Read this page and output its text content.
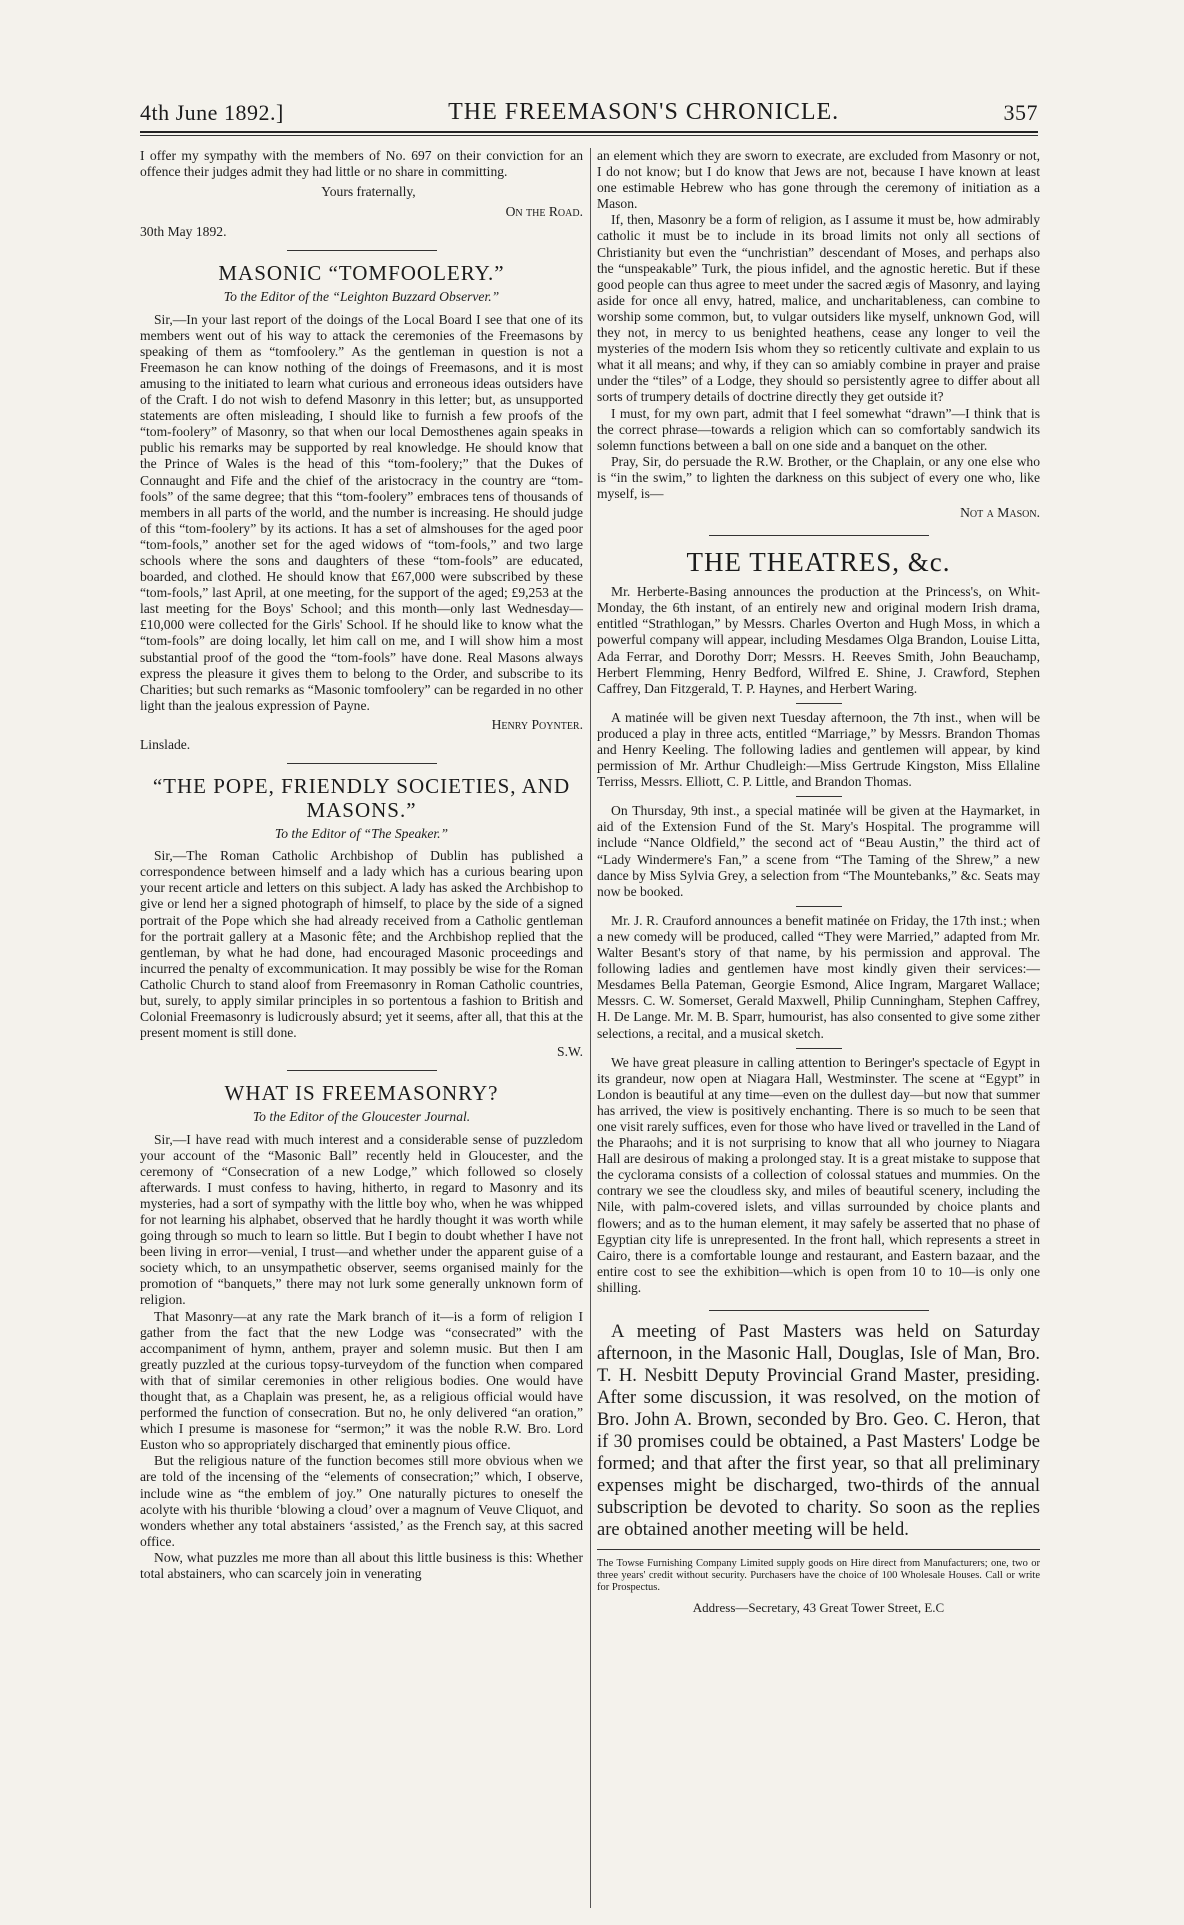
4th June 1892.]	THE FREEMASON'S CHRONICLE.	357

I offer my sympathy with the members of No. 697 on their conviction for an offence their judges admit they had little or no share in committing.

Yours fraternally,

On the Road.

30th May 1892.

MASONIC “TOMFOOLERY.”
To the Editor of the “Leighton Buzzard Observer.”

Sir,—In your last report of the doings of the Local Board I see that one of its members went out of his way to attack the ceremonies of the Freemasons by speaking of them as “tomfoolery.” As the gentleman in question is not a Freemason he can know nothing of the doings of Freemasons, and it is most amusing to the initiated to learn what curious and erroneous ideas outsiders have of the Craft. I do not wish to defend Masonry in this letter; but, as unsupported statements are often misleading, I should like to furnish a few proofs of the “tom-foolery” of Masonry, so that when our local Demosthenes again speaks in public his remarks may be supported by real knowledge. He should know that the Prince of Wales is the head of this “tom-foolery;” that the Dukes of Connaught and Fife and the chief of the aristocracy in the country are “tom-fools” of the same degree; that this “tom-foolery” embraces tens of thousands of members in all parts of the world, and the number is increasing. He should judge of this “tom-foolery” by its actions. It has a set of almshouses for the aged poor “tom-fools,” another set for the aged widows of “tom-fools,” and two large schools where the sons and daughters of these “tom-fools” are educated, boarded, and clothed. He should know that £67,000 were subscribed by these “tom-fools,” last April, at one meeting, for the support of the aged; £9,253 at the last meeting for the Boys' School; and this month—only last Wednesday—£10,000 were collected for the Girls' School. If he should like to know what the “tom-fools” are doing locally, let him call on me, and I will show him a most substantial proof of the good the “tom-fools” have done. Real Masons always express the pleasure it gives them to belong to the Order, and subscribe to its Charities; but such remarks as “Masonic tomfoolery” can be regarded in no other light than the jealous expression of Payne.

Henry Poynter.

Linslade.

“THE POPE, FRIENDLY SOCIETIES, AND MASONS.”
To the Editor of “The Speaker.”

Sir,—The Roman Catholic Archbishop of Dublin has published a correspondence between himself and a lady which has a curious bearing upon your recent article and letters on this subject. A lady has asked the Archbishop to give or lend her a signed photograph of himself, to place by the side of a signed portrait of the Pope which she had already received from a Catholic gentleman for the portrait gallery at a Masonic fête; and the Archbishop replied that the gentleman, by what he had done, had encouraged Masonic proceedings and incurred the penalty of excommunication. It may possibly be wise for the Roman Catholic Church to stand aloof from Freemasonry in Roman Catholic countries, but, surely, to apply similar principles in so portentous a fashion to British and Colonial Freemasonry is ludicrously absurd; yet it seems, after all, that this at the present moment is still done.

S.W.

WHAT IS FREEMASONRY?
To the Editor of the Gloucester Journal.

Sir,—I have read with much interest and a considerable sense of puzzledom your account of the “Masonic Ball” recently held in Gloucester, and the ceremony of “Consecration of a new Lodge,” which followed so closely afterwards. I must confess to having, hitherto, in regard to Masonry and its mysteries, had a sort of sympathy with the little boy who, when he was whipped for not learning his alphabet, observed that he hardly thought it was worth while going through so much to learn so little. But I begin to doubt whether I have not been living in error—venial, I trust—and whether under the apparent guise of a society which, to an unsympathetic observer, seems organised mainly for the promotion of “banquets,” there may not lurk some generally unknown form of religion.

That Masonry—at any rate the Mark branch of it—is a form of religion I gather from the fact that the new Lodge was “consecrated” with the accompaniment of hymn, anthem, prayer and solemn music. But then I am greatly puzzled at the curious topsy-turveydom of the function when compared with that of similar ceremonies in other religious bodies. One would have thought that, as a Chaplain was present, he, as a religious official would have performed the function of consecration. But no, he only delivered “an oration,” which I presume is masonese for “sermon;” it was the noble R.W. Bro. Lord Euston who so appropriately discharged that eminently pious office.

But the religious nature of the function becomes still more obvious when we are told of the incensing of the “elements of consecration;” which, I observe, include wine as “the emblem of joy.” One naturally pictures to oneself the acolyte with his thurible ‘blowing a cloud’ over a magnum of Veuve Cliquot, and wonders whether any total abstainers ‘assisted,’ as the French say, at this sacred office.

Now, what puzzles me more than all about this little business is this: Whether total abstainers, who can scarcely join in venerating

an element which they are sworn to execrate, are excluded from Masonry or not, I do not know; but I do know that Jews are not, because I have known at least one estimable Hebrew who has gone through the ceremony of initiation as a Mason.

If, then, Masonry be a form of religion, as I assume it must be, how admirably catholic it must be to include in its broad limits not only all sections of Christianity but even the “unchristian” descendant of Moses, and perhaps also the “unspeakable” Turk, the pious infidel, and the agnostic heretic. But if these good people can thus agree to meet under the sacred ægis of Masonry, and laying aside for once all envy, hatred, malice, and uncharitableness, can combine to worship some common, but, to vulgar outsiders like myself, unknown God, will they not, in mercy to us benighted heathens, cease any longer to veil the mysteries of the modern Isis whom they so reticently cultivate and explain to us what it all means; and why, if they can so amiably combine in prayer and praise under the “tiles” of a Lodge, they should so persistently agree to differ about all sorts of trumpery details of doctrine directly they get outside it?

I must, for my own part, admit that I feel somewhat “drawn”—I think that is the correct phrase—towards a religion which can so comfortably sandwich its solemn functions between a ball on one side and a banquet on the other.

Pray, Sir, do persuade the R.W. Brother, or the Chaplain, or any one else who is “in the swim,” to lighten the darkness on this subject of every one who, like myself, is—

Not a Mason.

THE THEATRES, &c.

Mr. Herberte-Basing announces the production at the Princess's, on Whit-Monday, the 6th instant, of an entirely new and original modern Irish drama, entitled “Strathlogan,” by Messrs. Charles Overton and Hugh Moss, in which a powerful company will appear, including Mesdames Olga Brandon, Louise Litta, Ada Ferrar, and Dorothy Dorr; Messrs. H. Reeves Smith, John Beauchamp, Herbert Flemming, Henry Bedford, Wilfred E. Shine, J. Crawford, Stephen Caffrey, Dan Fitzgerald, T. P. Haynes, and Herbert Waring.

A matinée will be given next Tuesday afternoon, the 7th inst., when will be produced a play in three acts, entitled “Marriage,” by Messrs. Brandon Thomas and Henry Keeling. The following ladies and gentlemen will appear, by kind permission of Mr. Arthur Chudleigh:—Miss Gertrude Kingston, Miss Ellaline Terriss, Messrs. Elliott, C. P. Little, and Brandon Thomas.

On Thursday, 9th inst., a special matinée will be given at the Haymarket, in aid of the Extension Fund of the St. Mary's Hospital. The programme will include “Nance Oldfield,” the second act of “Beau Austin,” the third act of “Lady Windermere's Fan,” a scene from “The Taming of the Shrew,” a new dance by Miss Sylvia Grey, a selection from “The Mountebanks,” &c. Seats may now be booked.

Mr. J. R. Crauford announces a benefit matinée on Friday, the 17th inst.; when a new comedy will be produced, called “They were Married,” adapted from Mr. Walter Besant's story of that name, by his permission and approval. The following ladies and gentlemen have most kindly given their services:—Mesdames Bella Pateman, Georgie Esmond, Alice Ingram, Margaret Wallace; Messrs. C. W. Somerset, Gerald Maxwell, Philip Cunningham, Stephen Caffrey, H. De Lange. Mr. M. B. Sparr, humourist, has also consented to give some zither selections, a recital, and a musical sketch.

We have great pleasure in calling attention to Beringer's spectacle of Egypt in its grandeur, now open at Niagara Hall, Westminster. The scene at “Egypt” in London is beautiful at any time—even on the dullest day—but now that summer has arrived, the view is positively enchanting. There is so much to be seen that one visit rarely suffices, even for those who have lived or travelled in the Land of the Pharaohs; and it is not surprising to know that all who journey to Niagara Hall are desirous of making a prolonged stay. It is a great mistake to suppose that the cyclorama consists of a collection of colossal statues and mummies. On the contrary we see the cloudless sky, and miles of beautiful scenery, including the Nile, with palm-covered islets, and villas surrounded by choice plants and flowers; and as to the human element, it may safely be asserted that no phase of Egyptian city life is unrepresented. In the front hall, which represents a street in Cairo, there is a comfortable lounge and restaurant, and Eastern bazaar, and the entire cost to see the exhibition—which is open from 10 to 10—is only one shilling.

A meeting of Past Masters was held on Saturday afternoon, in the Masonic Hall, Douglas, Isle of Man, Bro. T. H. Nesbitt Deputy Provincial Grand Master, presiding. After some discussion, it was resolved, on the motion of Bro. John A. Brown, seconded by Bro. Geo. C. Heron, that if 30 promises could be obtained, a Past Masters' Lodge be formed; and that after the first year, so that all preliminary expenses might be discharged, two-thirds of the annual subscription be devoted to charity. So soon as the replies are obtained another meeting will be held.

The Towse Furnishing Company Limited supply goods on Hire direct from Manufacturers; one, two or three years' credit without security. Purchasers have the choice of 100 Wholesale Houses. Call or write for Prospectus.

Address—Secretary, 43 Great Tower Street, E.C
